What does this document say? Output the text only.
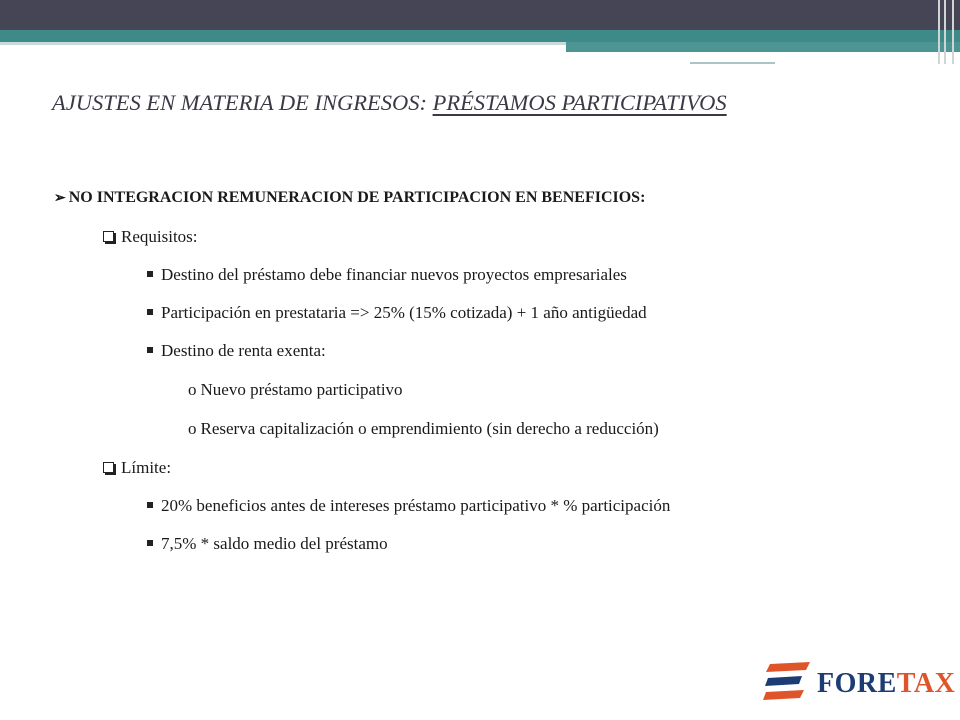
AJUSTES EN MATERIA DE INGRESOS: PRÉSTAMOS PARTICIPATIVOS
➢ NO INTEGRACION REMUNERACION DE PARTICIPACION EN BENEFICIOS:
Requisitos:
Destino del préstamo debe financiar nuevos proyectos empresariales
Participación en prestataria => 25% (15% cotizada) + 1 año antigüedad
Destino de renta exenta:
o Nuevo préstamo participativo
o Reserva capitalización o emprendimiento (sin derecho a reducción)
Límite:
20% beneficios antes de intereses préstamo participativo * % participación
7,5% * saldo medio del préstamo
FORETAX
